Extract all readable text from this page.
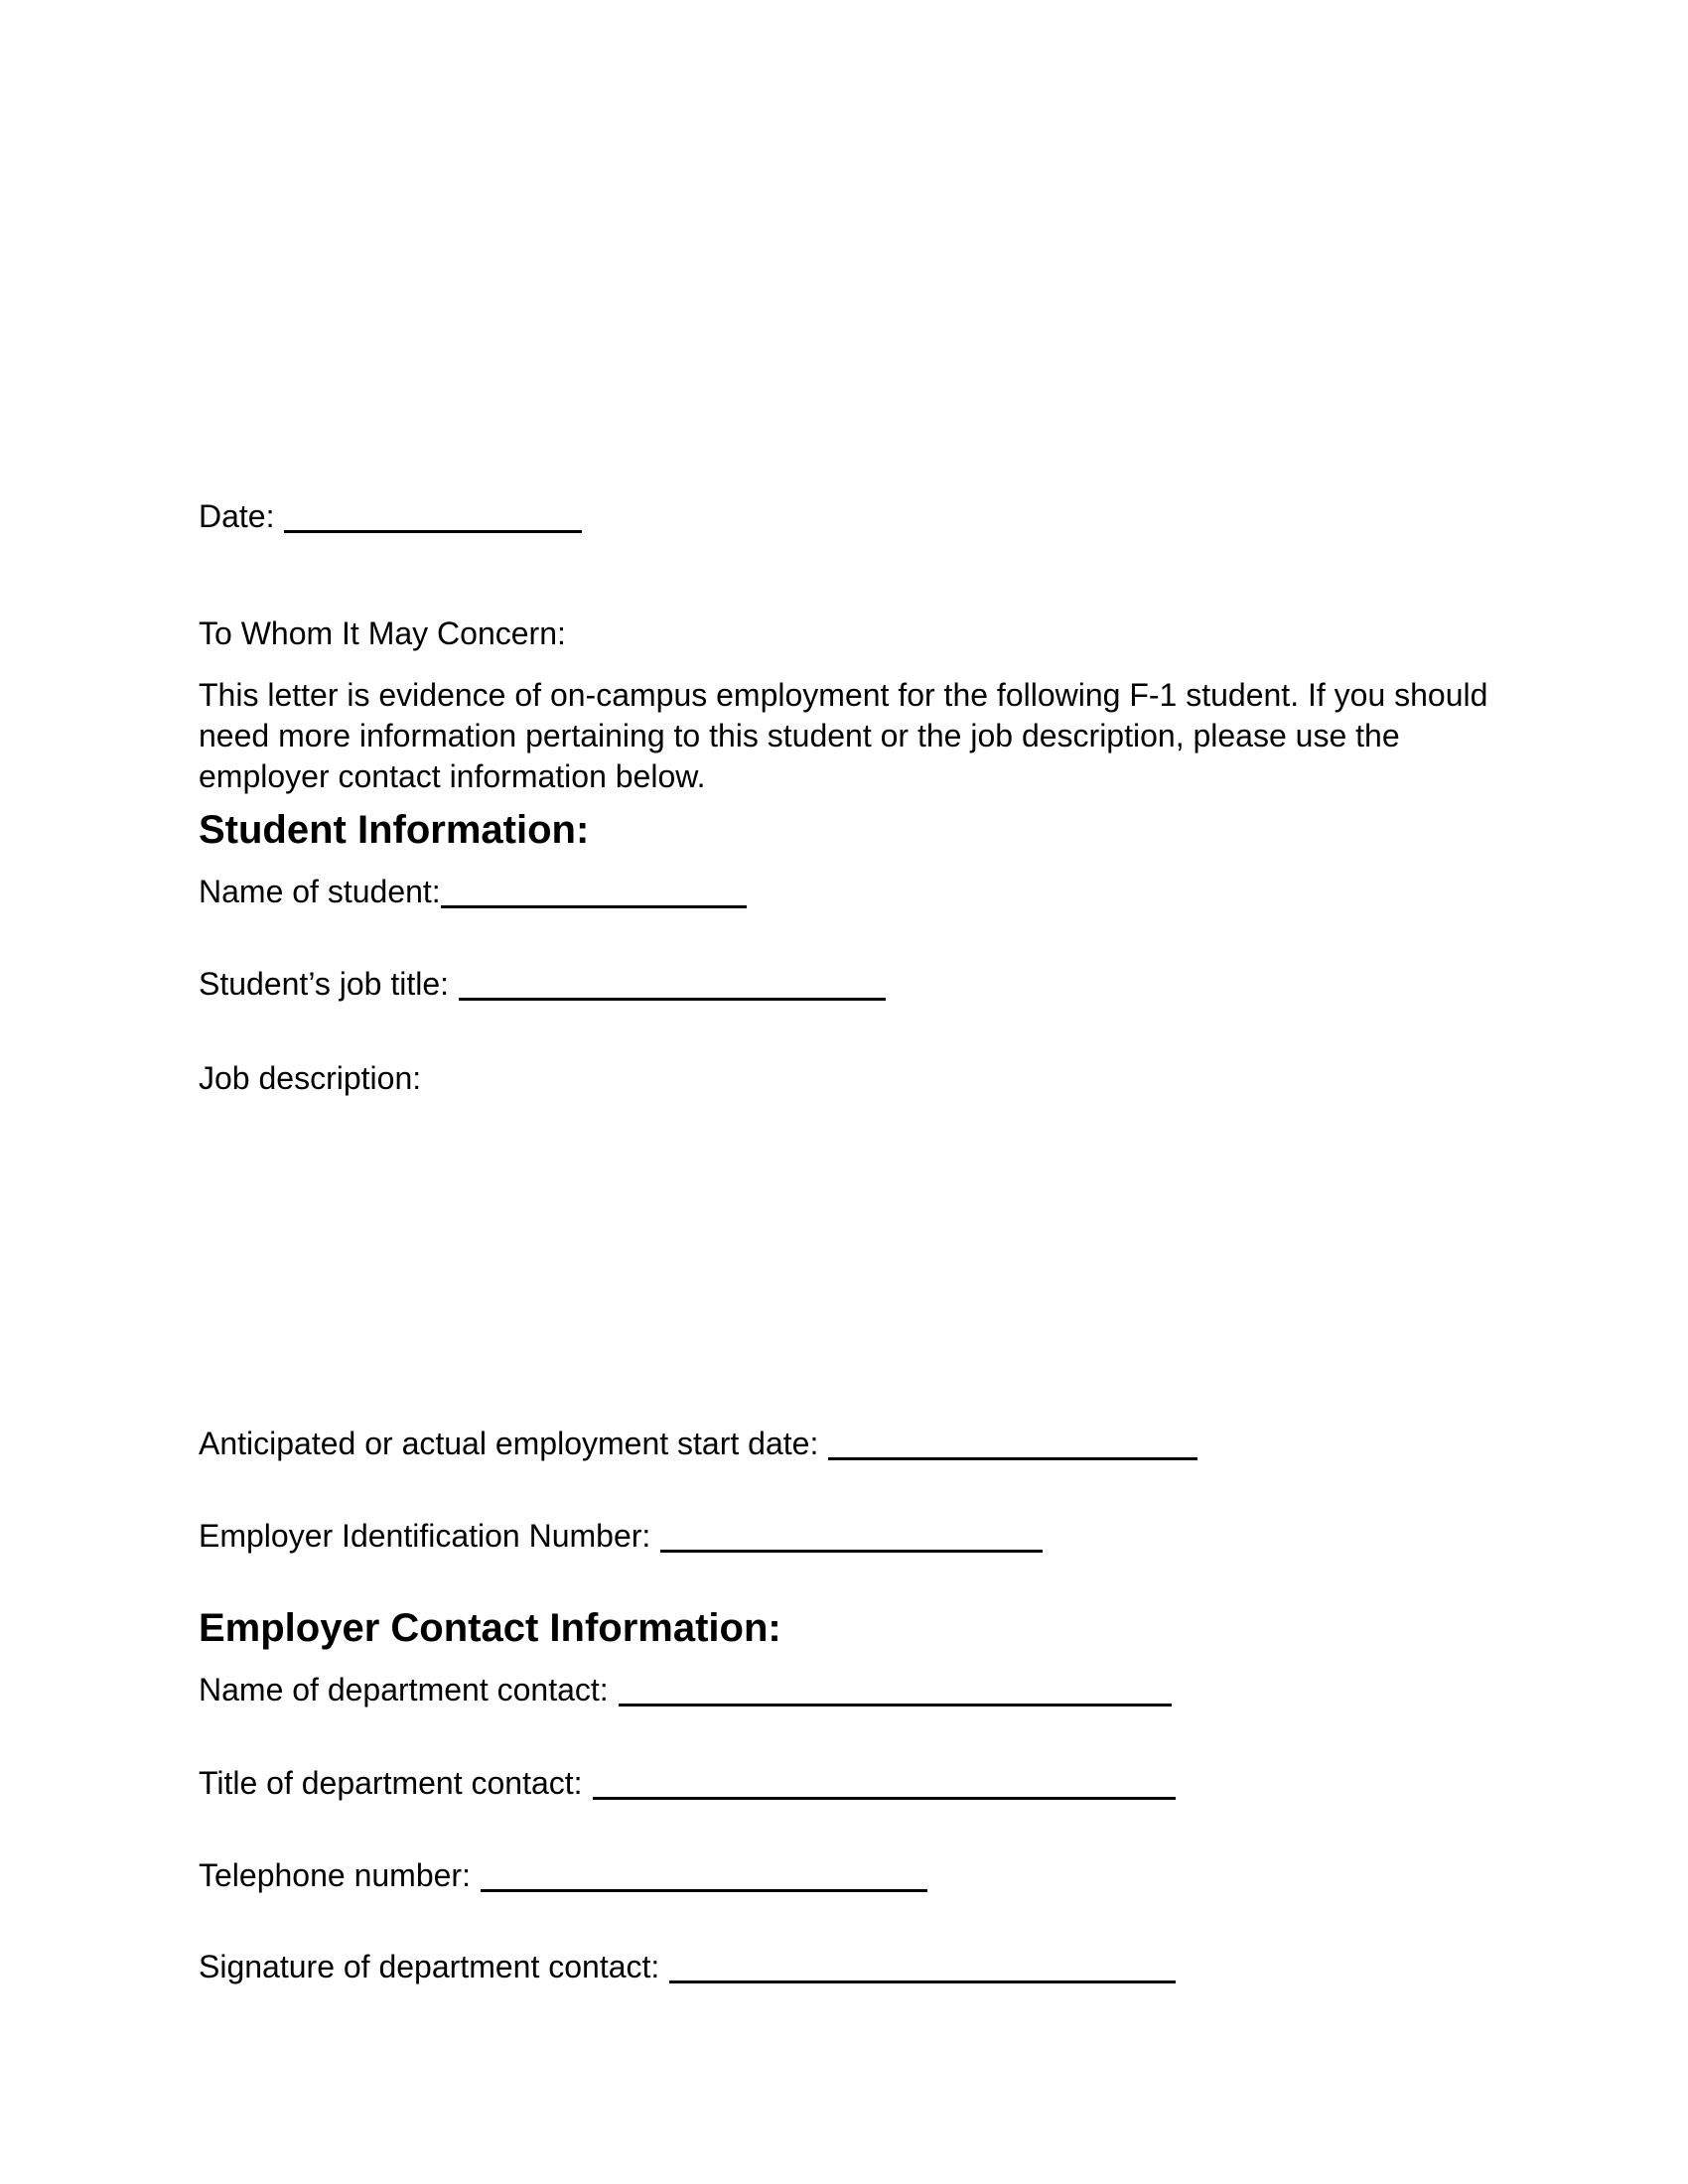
Date:
To Whom It May Concern:
This letter is evidence of on-campus employment for the following F-1 student. If you should
need more information pertaining to this student or the job description, please use the
employer contact information below.
Student Information:
Name of student:
Student’s job title:
Job description:
Anticipated or actual employment start date:
Employer Identification Number:
Employer Contact Information:
Name of department contact:
Title of department contact:
Telephone number:
Signature of department contact:
